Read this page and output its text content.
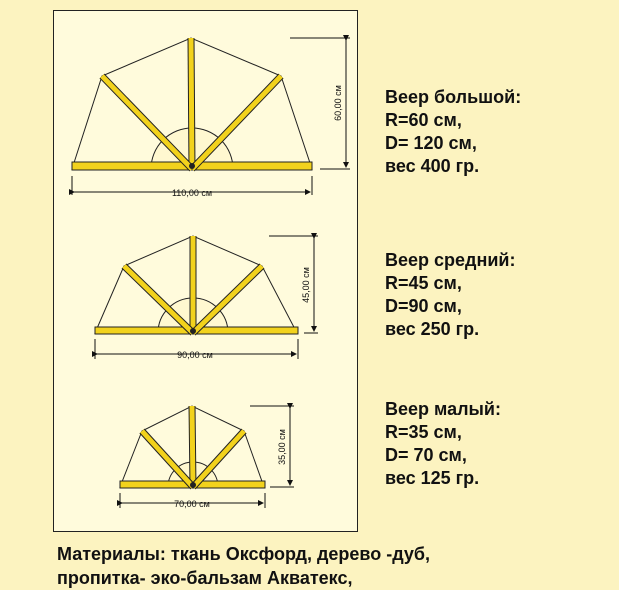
110,00 см
60,00 см
90,00 см
45,00 см
70,00 см
35,00 см
Веер большой:
R=60 см,
D= 120 см,
вес 400 гр.
Веер средний:
R=45 см,
D=90 см,
вес 250 гр.
Веер малый:
R=35 см,
D= 70 см,
вес 125 гр.
Материалы: ткань Оксфорд, дерево -дуб,
пропитка- эко-бальзам Акватекс,
